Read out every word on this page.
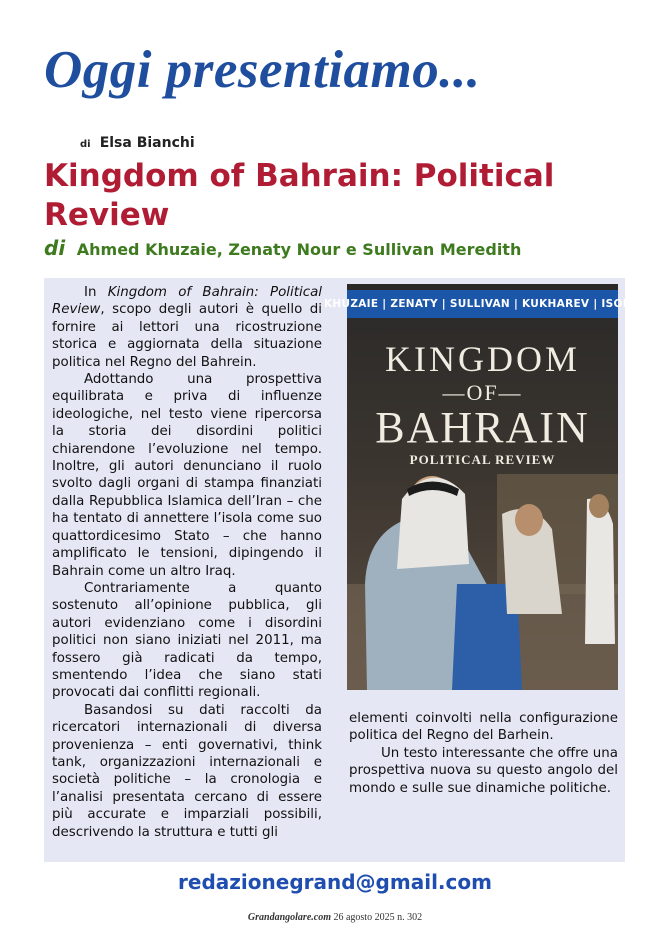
Oggi presentiamo...
di Elsa Bianchi
Kingdom of Bahrain: Political Review
di Ahmed Khuzaie, Zenaty Nour e Sullivan Meredith

In Kingdom of Bahrain: Political Review, scopo degli autori è quello di fornire ai lettori una ricostruzione storica e aggiornata della situazione politica nel Regno del Bahrein.

Adottando una prospettiva equilibrata e priva di influenze ideologiche, nel testo viene ripercorsa la storia dei disordini politici chiarendone l’evoluzione nel tempo. Inoltre, gli autori denunciano il ruolo svolto dagli organi di stampa finanziati dalla Repubblica Islamica dell’Iran – che ha tentato di annettere l’isola come suo quattordicesimo Stato – che hanno amplificato le tensioni, dipingendo il Bahrain come un altro Iraq.

Contrariamente a quanto sostenuto all’opinione pubblica, gli autori evidenziano come i disordini politici non siano iniziati nel 2011, ma fossero già radicati da tempo, smentendo l’idea che siano stati provocati dai conflitti regionali.

Basandosi su dati raccolti da ricercatori internazionali di diversa provenienza – enti governativi, think tank, organizzazioni internazionali e società politiche – la cronologia e l’analisi presentata cercano di essere più accurate e imparziali possibili, descrivendo la struttura e tutti gli

KHUZAIE | ZENATY | SULLIVAN | KUKHAREV | ISONO
KINGDOM
—OF—
BAHRAIN
POLITICAL REVIEW

elementi coinvolti nella configurazione politica del Regno del Barhein.

Un testo interessante che offre una prospettiva nuova su questo angolo del mondo e sulle sue dinamiche politiche.

redazionegrand@gmail.com
Grandangolare.com 26 agosto 2025 n. 302
